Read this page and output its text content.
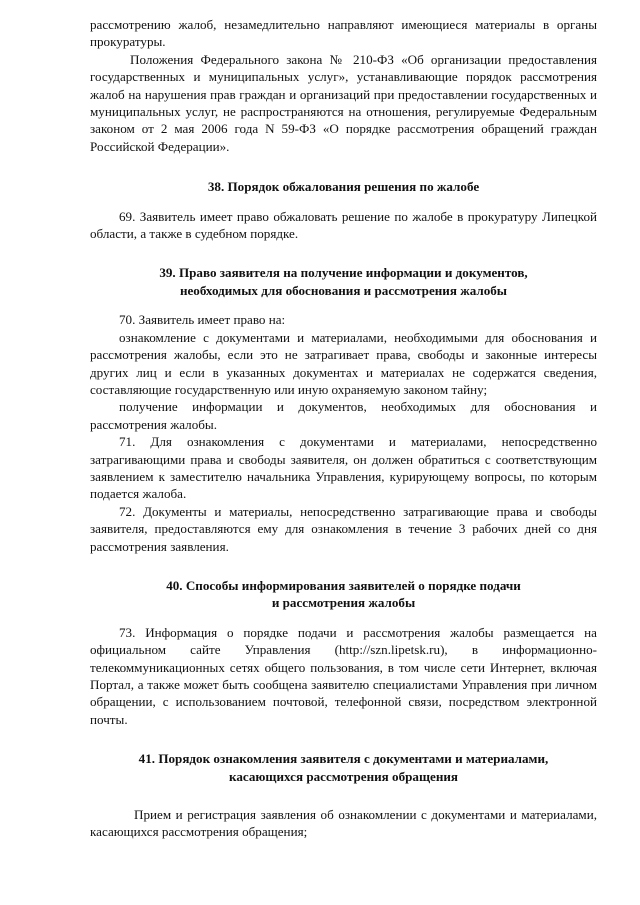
рассмотрению жалоб, незамедлительно направляют имеющиеся материалы в органы прокуратуры.

Положения Федерального закона № 210-ФЗ «Об организации предоставления государственных и муниципальных услуг», устанавливающие порядок рассмотрения жалоб на нарушения прав граждан и организаций при предоставлении государственных и муниципальных услуг, не распространяются на отношения, регулируемые Федеральным законом от 2 мая 2006 года N 59-ФЗ «О порядке рассмотрения обращений граждан Российской Федерации».

38. Порядок обжалования решения по жалобе

69. Заявитель имеет право обжаловать решение по жалобе в прокуратуру Липецкой области, а также в судебном порядке.

39. Право заявителя на получение информации и документов,
необходимых для обоснования и рассмотрения жалобы

70. Заявитель имеет право на:

ознакомление с документами и материалами, необходимыми для обоснования и рассмотрения жалобы, если это не затрагивает права, свободы и законные интересы других лиц и если в указанных документах и материалах не содержатся сведения, составляющие государственную или иную охраняемую законом тайну;

получение информации и документов, необходимых для обоснования и рассмотрения жалобы.

71. Для ознакомления с документами и материалами, непосредственно затрагивающими права и свободы заявителя, он должен обратиться с соответствующим заявлением к заместителю начальника Управления, курирующему вопросы, по которым подается жалоба.

72. Документы и материалы, непосредственно затрагивающие права и свободы заявителя, предоставляются ему для ознакомления в течение 3 рабочих дней со дня рассмотрения заявления.

40. Способы информирования заявителей о порядке подачи
и рассмотрения жалобы

73. Информация о порядке подачи и рассмотрения жалобы размещается на официальном сайте Управления (http://szn.lipetsk.ru), в информационно-телекоммуникационных сетях общего пользования, в том числе сети Интернет, включая Портал, а также может быть сообщена заявителю специалистами Управления при личном обращении, с использованием почтовой, телефонной связи, посредством электронной почты.

41. Порядок ознакомления заявителя с документами и материалами,
касающихся рассмотрения обращения

Прием и регистрация заявления об ознакомлении с документами и материалами, касающихся рассмотрения обращения;
